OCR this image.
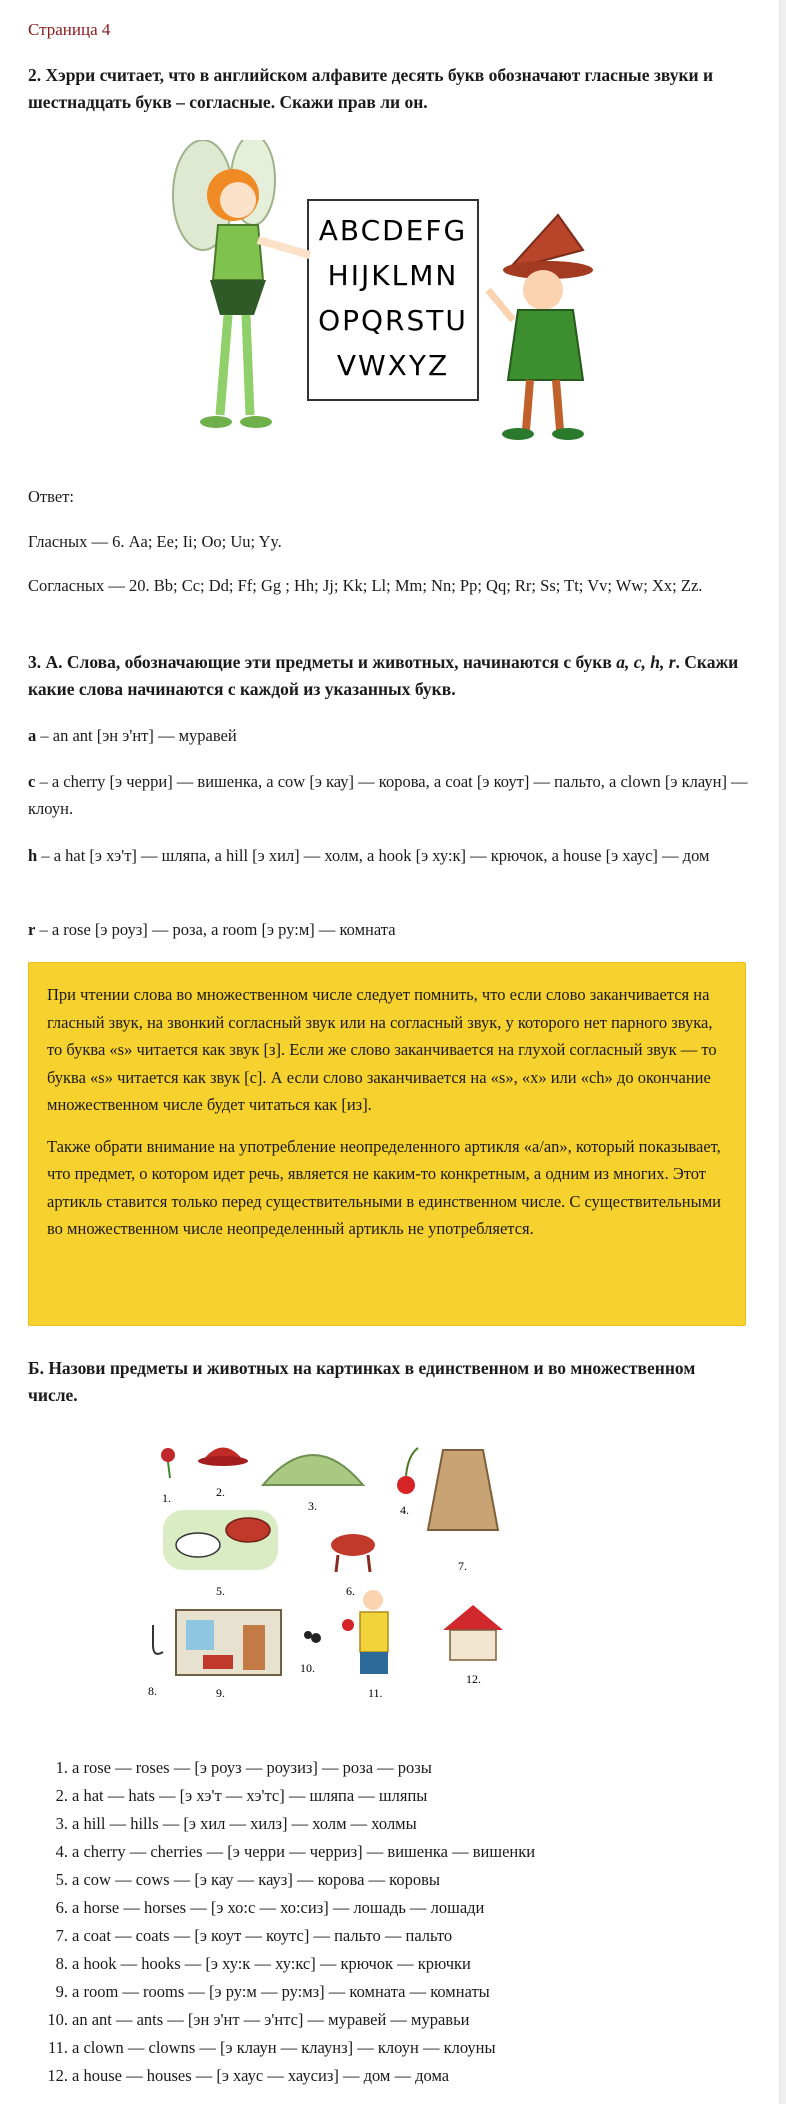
Страница 4
2. Хэрри считает, что в английском алфавите десять букв обозначают гласные звуки и шестнадцать букв – согласные. Скажи прав ли он.
ABCDEFG
HIJKLMN
OPQRSTU
VWXYZ
Ответ:
Гласных — 6. Aa; Ee; Ii; Oo; Uu; Yy.
Согласных — 20. Bb; Cc; Dd; Ff; Gg ; Hh; Jj; Kk; Ll; Mm; Nn; Pp; Qq; Rr; Ss; Tt; Vv; Ww; Xx; Zz.
3. А. Слова, обозначающие эти предметы и животных, начинаются с букв a, c, h, r. Скажи какие слова начинаются с каждой из указанных букв.
a – an ant [эн э'нт] — муравей
c – a cherry [э черри] — вишенка, a cow [э кау] — корова, a coat [э коут] — пальто, a clown [э клаун] — клоун.
h – a hat [э хэ'т] — шляпа, a hill [э хил] — холм, a hook [э ху:к] — крючок, a house [э хаус] — дом
r – a rose [э роуз] — роза, a room [э ру:м] — комната

При чтении слова во множественном числе следует помнить, что если слово заканчивается на гласный звук, на звонкий согласный звук или на согласный звук, у которого нет парного звука, то буква «s» читается как звук [з]. Если же слово заканчивается на глухой согласный звук — то буква «s» читается как звук [с]. А если слово заканчивается на «s», «x» или «ch» до окончание множественном числе будет читаться как [из].

Также обрати внимание на употребление неопределенного артикля «a/an», который показывает, что предмет, о котором идет речь, является не каким-то конкретным, а одним из многих. Этот артикль ставится только перед существительными в единственном числе. С существительными во множественном числе неопределенный артикль не употребляется.

Б. Назови предметы и животных на картинках в единственном и во множественном числе.
1.	2.
3.	4.
7.
5.	6.
8.	9.
10.
11.
12.
1. a rose — roses — [э роуз — роузиз] — роза — розы
2. a hat — hats — [э хэ'т — хэ'тс] — шляпа — шляпы
3. a hill — hills — [э хил — хилз] — холм — холмы
4. a cherry — cherries — [э черри — черриз] — вишенка — вишенки
5. a cow — cows — [э кау — кауз] — корова — коровы
6. a horse — horses — [э хо:с — хо:сиз] — лошадь — лошади
7. a coat — coats — [э коут — коутс] — пальто — пальто
8. a hook — hooks — [э ху:к — ху:кс] — крючок — крючки
9. a room — rooms — [э ру:м — ру:мз] — комната — комнаты
10. an ant — ants — [эн э'нт — э'нтс] — муравей — муравьи
11. a clown — clowns — [э клаун — клаунз] — клоун — клоуны
12. a house — houses — [э хаус — хаусиз] — дом — дома
